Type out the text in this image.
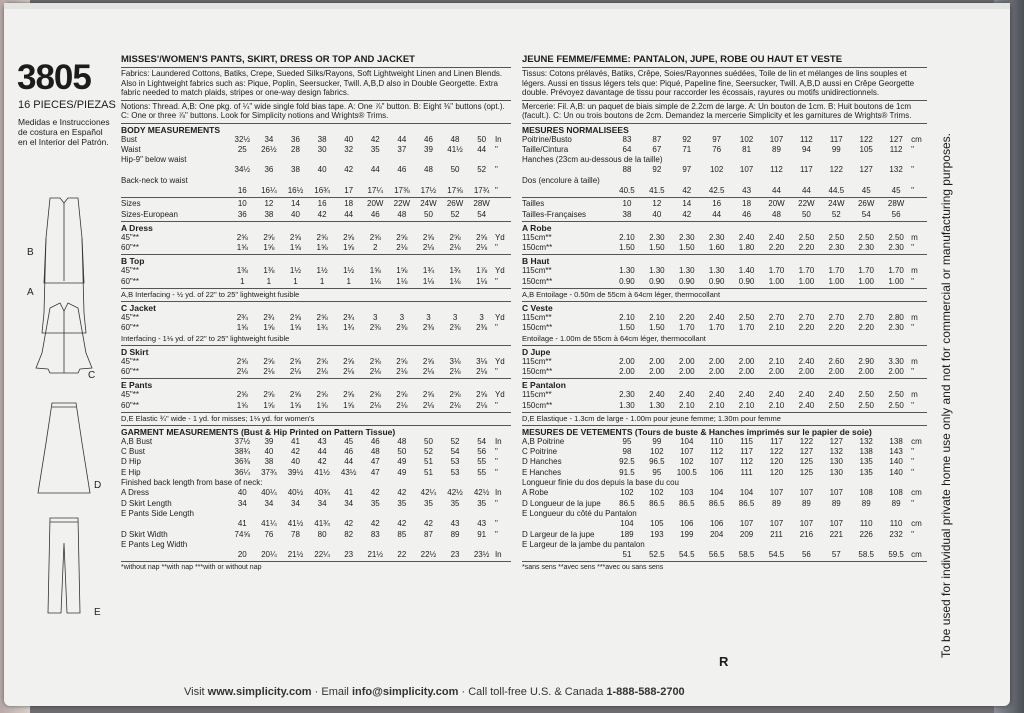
3805
16 PIECES/PIEZAS
Medidas e Instrucciones de costura en Español en el Interior del Patrón.
B
A
C
D
E
MISSES'/WOMEN'S PANTS, SKIRT, DRESS OR TOP AND JACKET
Fabrics: Laundered Cottons, Batiks, Crepe, Sueded Silks/Rayons, Soft Lightweight Linen and Linen Blends. Also in Lightweight fabrics such as: Pique, Poplin, Seersucker, Twill. A,B,D also in Double Georgette. Extra fabric needed to match plaids, stripes or one-way design fabrics.
Notions: Thread. A,B: One pkg. of ¼" wide single fold bias tape. A: One ⅞" button. B: Eight ⅜" buttons (opt.). C: One or three ⅞" buttons. Look for Simplicity notions and Wrights® Trims.
BODY MEASUREMENTS
Bust	32½	34	36	38	40	42	44	46	48	50	In
Waist	25	26½	28	30	32	35	37	39	41½	44	"
Hip-9" below waist
34½	36	38	40	42	44	46	48	50	52	"
Back-neck to waist
16	16¼	16½	16¾	17	17¼	17⅜	17½	17⅝	17¾ "
Sizes	10	12	14	16	18	20W	22W	24W	26W	28W
Sizes-European	36	38	40	42	44	46	48	50	52	54
A Dress
45"**	2⅝	2⅝	2⅝	2⅝	2⅝	2⅝	2⅝	2⅝	2⅝	2⅝ Yd
60"**	1⅝	1⅝	1⅝	1⅝	1⅝	2	2⅛	2⅛	2⅛	2⅛ "
B Top
45"**	1⅜	1⅜	1½	1½	1½	1⅝	1⅝	1¾	1¾	1⅞ Yd
60"**	1	1	1	1	1	1⅛	1⅛	1⅛	1⅛	1⅛ "
A,B Interfacing - ½ yd. of 22" to 25" lightweight fusible
C Jacket
45"**	2¾	2¾	2⅝	2⅝	2¾	3	3	3	3	3	Yd
60"**	1⅝	1⅝	1⅝	1¾	1¾	2⅜	2⅜	2⅜	2⅜	2⅜ "
Interfacing - 1⅛ yd. of 22" to 25" lightweight fusible
D Skirt
45"**	2⅝	2⅝	2⅝	2⅝	2⅝	2⅝	2⅝	2⅝	3⅛	3⅛ Yd
60"**	2⅛	2⅛	2⅛	2⅛	2⅛	2⅛	2⅛	2⅛	2⅛	2⅛ "
E Pants
45"**	2⅝	2⅝	2⅝	2⅝	2⅝	2⅝	2⅝	2⅝	2⅝	2⅝ Yd
60"**	1⅝	1⅝	1⅝	1⅝	1⅝	2⅛	2⅛	2⅛	2⅛	2⅛ "
D,E Elastic ¾" wide - 1 yd. for misses; 1⅛ yd. for women's
GARMENT MEASUREMENTS (Bust & Hip Printed on Pattern Tissue)
A,B Bust	37½	39	41	43	45	46	48	50	52	54	In
C Bust	38¾	40	42	44	46	48	50	52	54	56	"
D Hip	36⅜	38	40	42	44	47	49	51	53	55	"
E Hip	36¼	37¾	39½	41½	43½	47	49	51	53	55	"
Finished back length from base of neck:
A Dress	40	40¼	40½	40¾	41	42	42	42¼	42½	42½ In
D Skirt Length	34	34	34	34	34	35	35	35	35	35	"
E Pants Side Length
41	41¼	41½	41¾	42	42	42	42	43	43	"
D Skirt Width	74⅝	76	78	80	82	83	85	87	89	91	"
E Pants Leg Width
20	20¼	21½	22¼	23	21½	22	22½	23	23½ In
*without nap **with nap ***with or without nap
JEUNE FEMME/FEMME: PANTALON, JUPE, ROBE OU HAUT ET VESTE
Tissus: Cotons prélavés, Batiks, Crêpe, Soies/Rayonnes suédées, Toile de lin et mélanges de lins souples et légers. Aussi en tissus légers tels que: Piqué, Papeline fine, Seersucker, Twill. A,B,D aussi en Crêpe Georgette double. Prévoyez davantage de tissu pour raccorder les écossais, rayures ou motifs unidirectionnels.
Mercerie: Fil. A,B: un paquet de biais simple de 2.2cm de large. A: Un bouton de 1cm. B: Huit boutons de 1cm (facult.). C: Un ou trois boutons de 2cm. Demandez la mercerie Simplicity et les garnitures de Wrights® Trims.
MESURES NORMALISEES
Poitrine/Busto	83	87	92	97	102	107	112	117	122	127	cm
Taille/Cintura	64	67	71	76	81	89	94	99	105	112	"
Hanches (23cm au-dessous de la taille)
88	92	97	102	107	112	117	122	127	132	"
Dos (encolure à taille)
40.5	41.5	42	42.5	43	44	44	44.5	45	45	"
Tailles	10	12	14	16	18	20W	22W	24W	26W	28W
Tailles-Françaises	38	40	42	44	46	48	50	52	54	56
A Robe
115cm**	2.10	2.30	2.30	2.30	2.40	2.40	2.50	2.50	2.50	2.50 m
150cm**	1.50	1.50	1.50	1.60	1.80	2.20	2.20	2.30	2.30	2.30 "
B Haut
115cm**	1.30	1.30	1.30	1.30	1.40	1.70	1.70	1.70	1.70	1.70 m
150cm**	0.90	0.90	0.90	0.90	0.90	1.00	1.00	1.00	1.00	1.00 "
A,B Entoilage - 0.50m de 55cm à 64cm léger, thermocollant
C Veste
115cm**	2.10	2.10	2.20	2.40	2.50	2.70	2.70	2.70	2.70	2.80 m
150cm**	1.50	1.50	1.70	1.70	1.70	2.10	2.20	2.20	2.20	2.30 "
Entoilage - 1.00m de 55cm à 64cm léger, thermocollant
D Jupe
115cm**	2.00	2.00	2.00	2.00	2.00	2.10	2.40	2.60	2.90	3.30 m
150cm**	2.00	2.00	2.00	2.00	2.00	2.00	2.00	2.00	2.00	2.00 "
E Pantalon
115cm**	2.30	2.40	2.40	2.40	2.40	2.40	2.40	2.40	2.50	2.50 m
150cm**	1.30	1.30	2.10	2.10	2.10	2.10	2.40	2.50	2.50	2.50 "
D,E Elastique - 1.3cm de large - 1.00m pour jeune femme; 1.30m pour femme
MESURES DE VETEMENTS (Tours de buste & Hanches imprimés sur le papier de soie)
A,B Poitrine	95	99	104	110	115	117	122	127	132	138	cm
C Poitrine	98	102	107	112	117	122	127	132	138	143	"
D Hanches	92.5	96.5	102	107	112	120	125	130	135	140	"
E Hanches	91.5	95	100.5	106	111	120	125	130	135	140	"
Longueur finie du dos depuis la base du cou
A Robe	102	102	103	104	104	107	107	107	108	108	cm
D Longueur de la jupe	86.5	86.5	86.5	86.5	86.5	89	89	89	89	89	"
E Longueur du côté du Pantalon
104	105	106	106	107	107	107	107	110	110	cm
D Largeur de la jupe	189	193	199	204	209	211	216	221	226	232	"
E Largeur de la jambe du pantalon
51	52.5	54.5	56.5	58.5	54.5	56	57	58.5	59.5 cm
*sans sens **avec sens ***avec ou sans sens
R
To be used for individual private home use only and not for commercial or manufacturing purposes.
Visit www.simplicity.com · Email info@simplicity.com · Call toll-free U.S. & Canada 1-888-588-2700
